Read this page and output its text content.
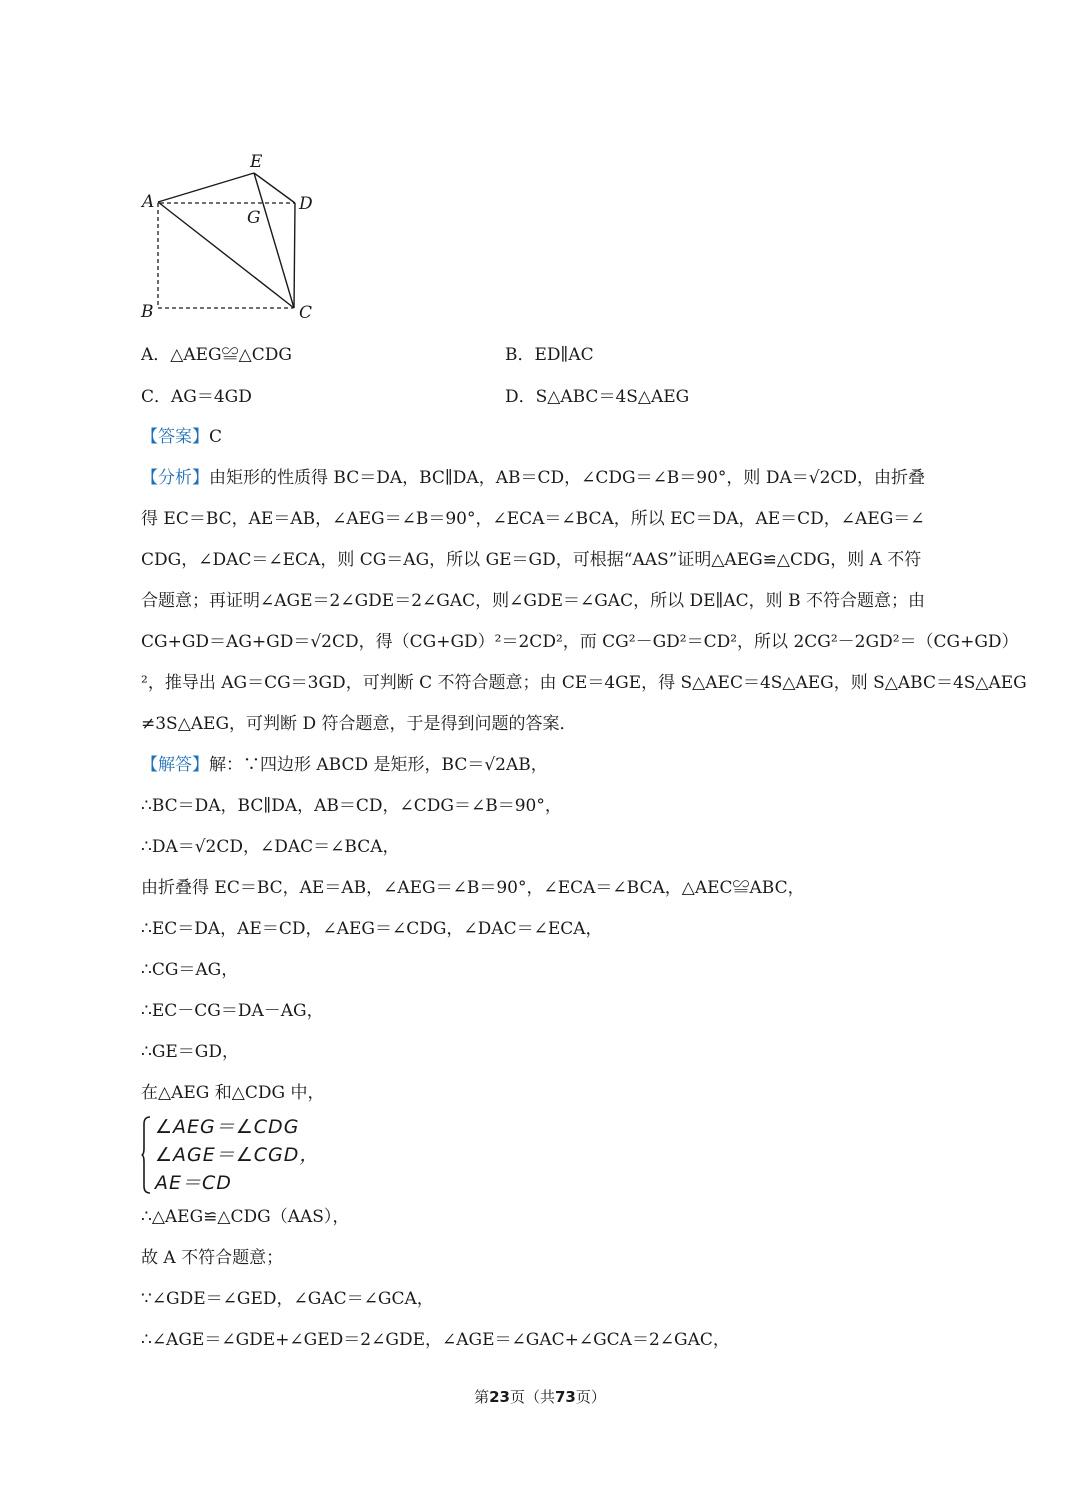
A
E
D
G
B	C
A．△AEG≌△CDG	B．ED∥AC
C．AG＝4GD	D．S△ABC＝4S△AEG
【答案】C
【分析】由矩形的性质得 BC＝DA，BC∥DA，AB＝CD，∠CDG＝∠B＝90°，则 DA＝√2CD，由折叠
得 EC＝BC，AE＝AB，∠AEG＝∠B＝90°，∠ECA＝∠BCA，所以 EC＝DA，AE＝CD，∠AEG＝∠
CDG，∠DAC＝∠ECA，则 CG＝AG，所以 GE＝GD，可根据“AAS”证明△AEG≌△CDG，则 A 不符
合题意；再证明∠AGE＝2∠GDE＝2∠GAC，则∠GDE＝∠GAC，所以 DE∥AC，则 B 不符合题意；由
CG+GD＝AG+GD＝√2CD，得（CG+GD）²＝2CD²，而 CG²－GD²＝CD²，所以 2CG²－2GD²＝（CG+GD）
²，推导出 AG＝CG＝3GD，可判断 C 不符合题意；由 CE＝4GE，得 S△AEC＝4S△AEG，则 S△ABC＝4S△AEG
≠3S△AEG，可判断 D 符合题意，于是得到问题的答案．
【解答】解：∵四边形 ABCD 是矩形，BC＝√2AB，
∴BC＝DA，BC∥DA，AB＝CD，∠CDG＝∠B＝90°，
∴DA＝√2CD，∠DAC＝∠BCA，
由折叠得 EC＝BC，AE＝AB，∠AEG＝∠B＝90°，∠ECA＝∠BCA，△AEC≌ABC，
∴EC＝DA，AE＝CD，∠AEG＝∠CDG，∠DAC＝∠ECA，
∴CG＝AG，
∴EC－CG＝DA－AG，
∴GE＝GD，
在△AEG 和△CDG 中，
∠AEG＝∠CDG
∠AGE＝∠CGD，
AE＝CD
∴△AEG≌△CDG（AAS），
故 A 不符合题意；
∵∠GDE＝∠GED，∠GAC＝∠GCA，
∴∠AGE＝∠GDE+∠GED＝2∠GDE，∠AGE＝∠GAC+∠GCA＝2∠GAC，
第23页（共73页）
